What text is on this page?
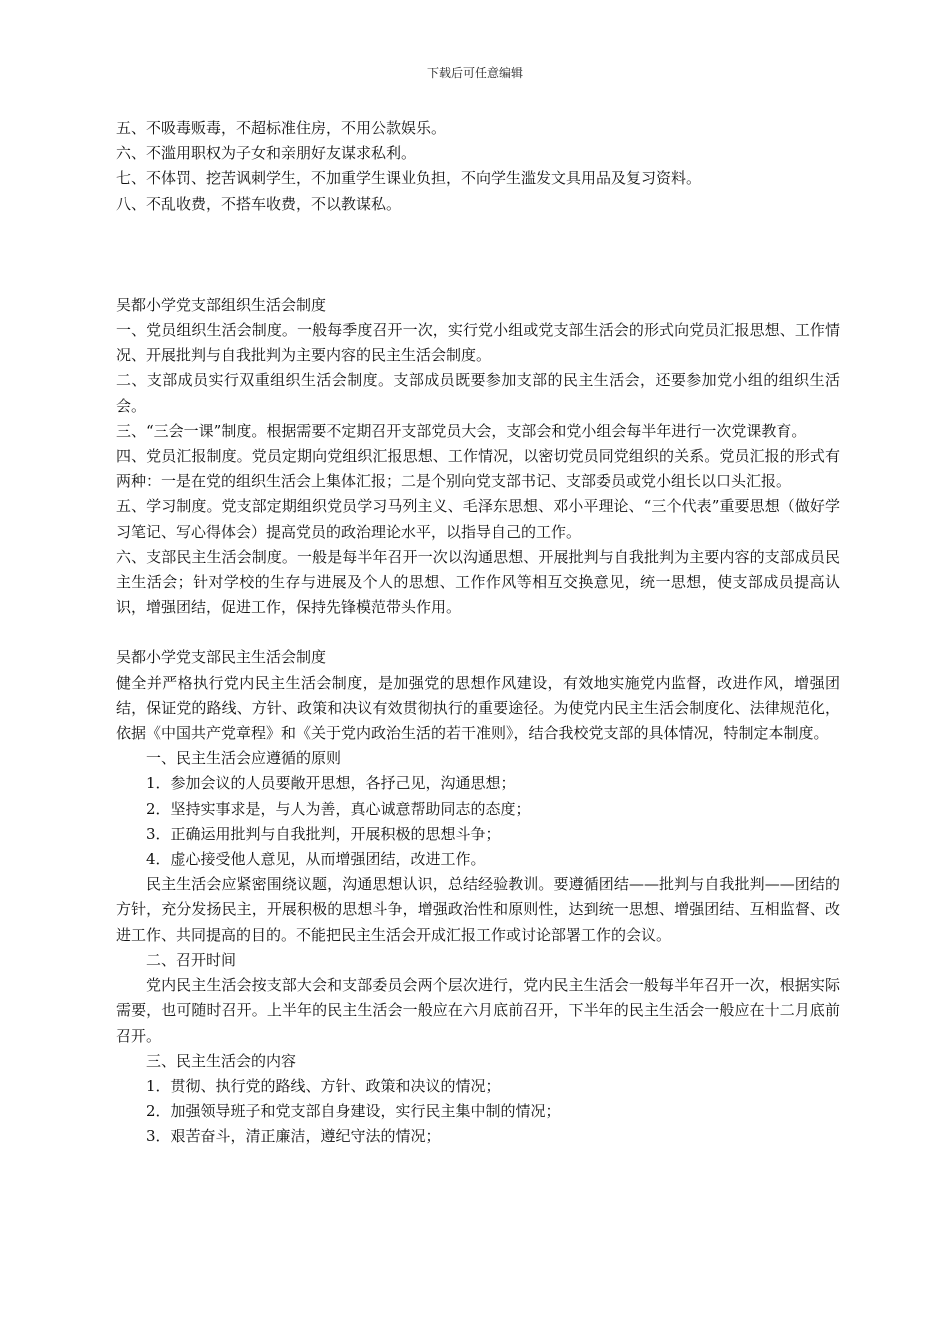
下载后可任意编辑

五、不吸毒贩毒，不超标准住房，不用公款娱乐。

六、不滥用职权为子女和亲朋好友谋求私利。

七、不体罚、挖苦讽刺学生，不加重学生课业负担，不向学生滥发文具用品及复习资料。

八、不乱收费，不搭车收费，不以教谋私。

吴都小学党支部组织生活会制度

一、党员组织生活会制度。一般每季度召开一次，实行党小组或党支部生活会的形式向党员汇报思想、工作情况、开展批判与自我批判为主要内容的民主生活会制度。

二、支部成员实行双重组织生活会制度。支部成员既要参加支部的民主生活会，还要参加党小组的组织生活会。

三、“三会一课”制度。根据需要不定期召开支部党员大会，支部会和党小组会每半年进行一次党课教育。

四、党员汇报制度。党员定期向党组织汇报思想、工作情况，以密切党员同党组织的关系。党员汇报的形式有两种：一是在党的组织生活会上集体汇报；二是个别向党支部书记、支部委员或党小组长以口头汇报。

五、学习制度。党支部定期组织党员学习马列主义、毛泽东思想、邓小平理论、“三个代表”重要思想（做好学习笔记、写心得体会）提高党员的政治理论水平，以指导自己的工作。

六、支部民主生活会制度。一般是每半年召开一次以沟通思想、开展批判与自我批判为主要内容的支部成员民主生活会；针对学校的生存与进展及个人的思想、工作作风等相互交换意见，统一思想，使支部成员提高认识，增强团结，促进工作，保持先锋模范带头作用。

吴都小学党支部民主生活会制度

健全并严格执行党内民主生活会制度，是加强党的思想作风建设，有效地实施党内监督，改进作风，增强团结，保证党的路线、方针、政策和决议有效贯彻执行的重要途径。为使党内民主生活会制度化、法律规范化，依据《中国共产党章程》和《关于党内政治生活的若干准则》，结合我校党支部的具体情况，特制定本制度。

一、民主生活会应遵循的原则

1．参加会议的人员要敞开思想，各抒己见，沟通思想；

2．坚持实事求是，与人为善，真心诚意帮助同志的态度；

3．正确运用批判与自我批判，开展积极的思想斗争；

4．虚心接受他人意见，从而增强团结，改进工作。

民主生活会应紧密围绕议题，沟通思想认识，总结经验教训。要遵循团结——批判与自我批判——团结的方针，充分发扬民主，开展积极的思想斗争，增强政治性和原则性，达到统一思想、增强团结、互相监督、改进工作、共同提高的目的。不能把民主生活会开成汇报工作或讨论部署工作的会议。

二、召开时间

党内民主生活会按支部大会和支部委员会两个层次进行，党内民主生活会一般每半年召开一次，根据实际需要，也可随时召开。上半年的民主生活会一般应在六月底前召开，下半年的民主生活会一般应在十二月底前召开。

三、民主生活会的内容

1．贯彻、执行党的路线、方针、政策和决议的情况；

2．加强领导班子和党支部自身建设，实行民主集中制的情况；

3．艰苦奋斗，清正廉洁，遵纪守法的情况；
